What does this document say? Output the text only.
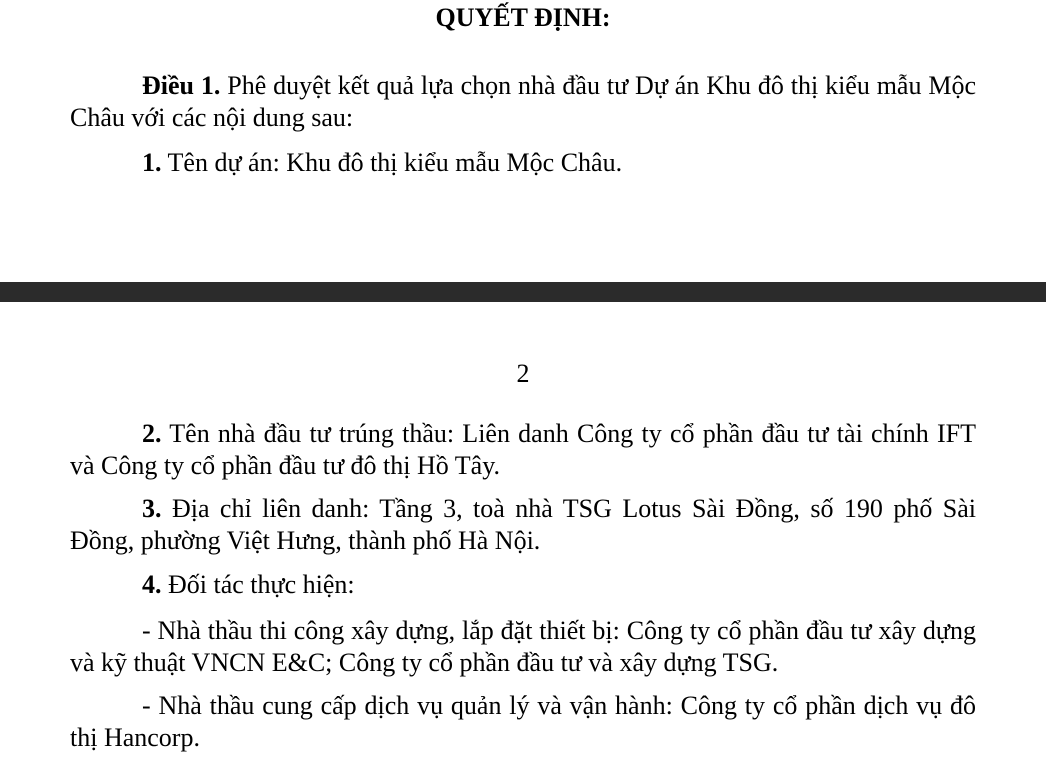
QUYẾT ĐỊNH:
Điều 1. Phê duyệt kết quả lựa chọn nhà đầu tư Dự án Khu đô thị kiểu mẫu Mộc Châu với các nội dung sau:
1. Tên dự án: Khu đô thị kiểu mẫu Mộc Châu.
2
2. Tên nhà đầu tư trúng thầu: Liên danh Công ty cổ phần đầu tư tài chính IFT và Công ty cổ phần đầu tư đô thị Hồ Tây.
3. Địa chỉ liên danh: Tầng 3, toà nhà TSG Lotus Sài Đồng, số 190 phố Sài Đồng, phường Việt Hưng, thành phố Hà Nội.
4. Đối tác thực hiện:
- Nhà thầu thi công xây dựng, lắp đặt thiết bị: Công ty cổ phần đầu tư xây dựng và kỹ thuật VNCN E&C; Công ty cổ phần đầu tư và xây dựng TSG.
- Nhà thầu cung cấp dịch vụ quản lý và vận hành: Công ty cổ phần dịch vụ đô thị Hancorp.
